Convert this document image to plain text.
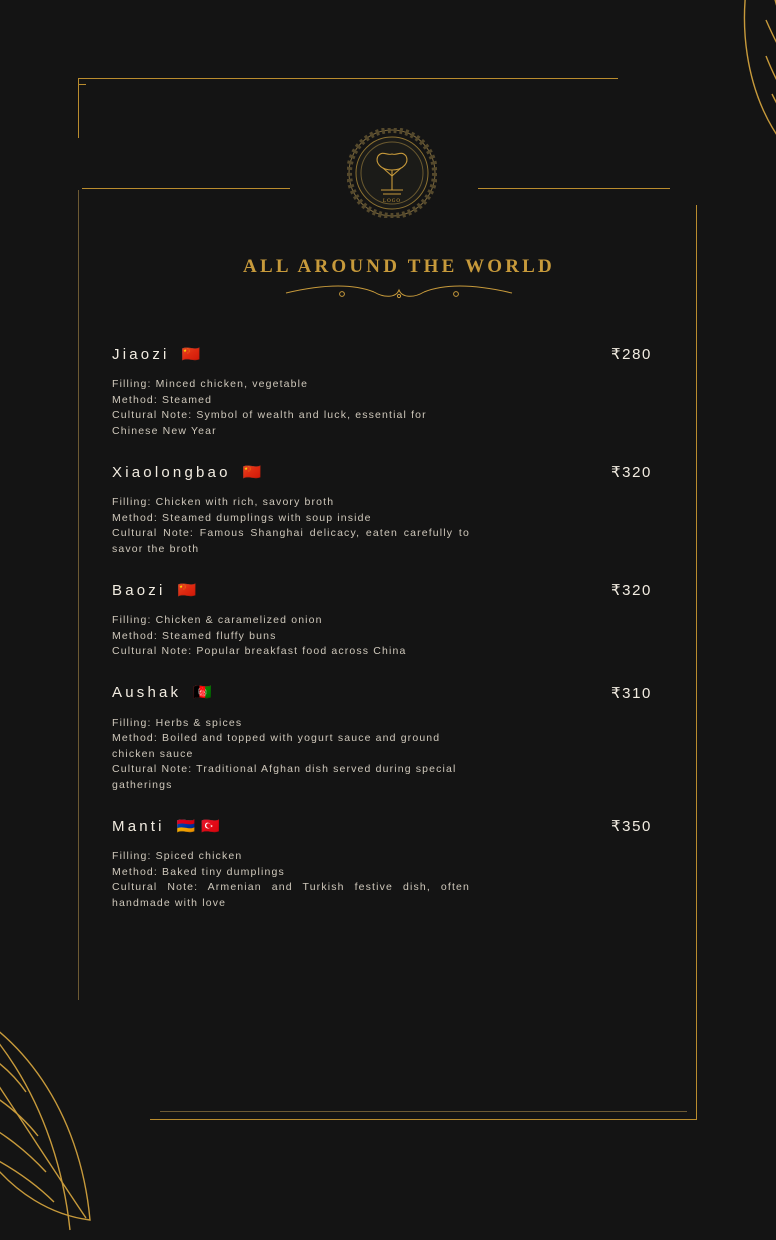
LOGO
ALL AROUND THE WORLD
Jiaozi 🇨🇳	₹280
Filling: Minced chicken, vegetable
Method: Steamed
Cultural Note: Symbol of wealth and luck, essential for Chinese New Year
Xiaolongbao 🇨🇳	₹320
Filling: Chicken with rich, savory broth
Method: Steamed dumplings with soup inside
Cultural Note: Famous Shanghai delicacy, eaten carefully to savor the broth
Baozi 🇨🇳	₹320
Filling: Chicken & caramelized onion
Method: Steamed fluffy buns
Cultural Note: Popular breakfast food across China
Aushak 🇦🇫	₹310
Filling: Herbs & spices
Method: Boiled and topped with yogurt sauce and ground chicken sauce
Cultural Note: Traditional Afghan dish served during special gatherings
Manti 🇦🇲 🇹🇷	₹350
Filling: Spiced chicken
Method: Baked tiny dumplings
Cultural Note: Armenian and Turkish festive dish, often handmade with love
